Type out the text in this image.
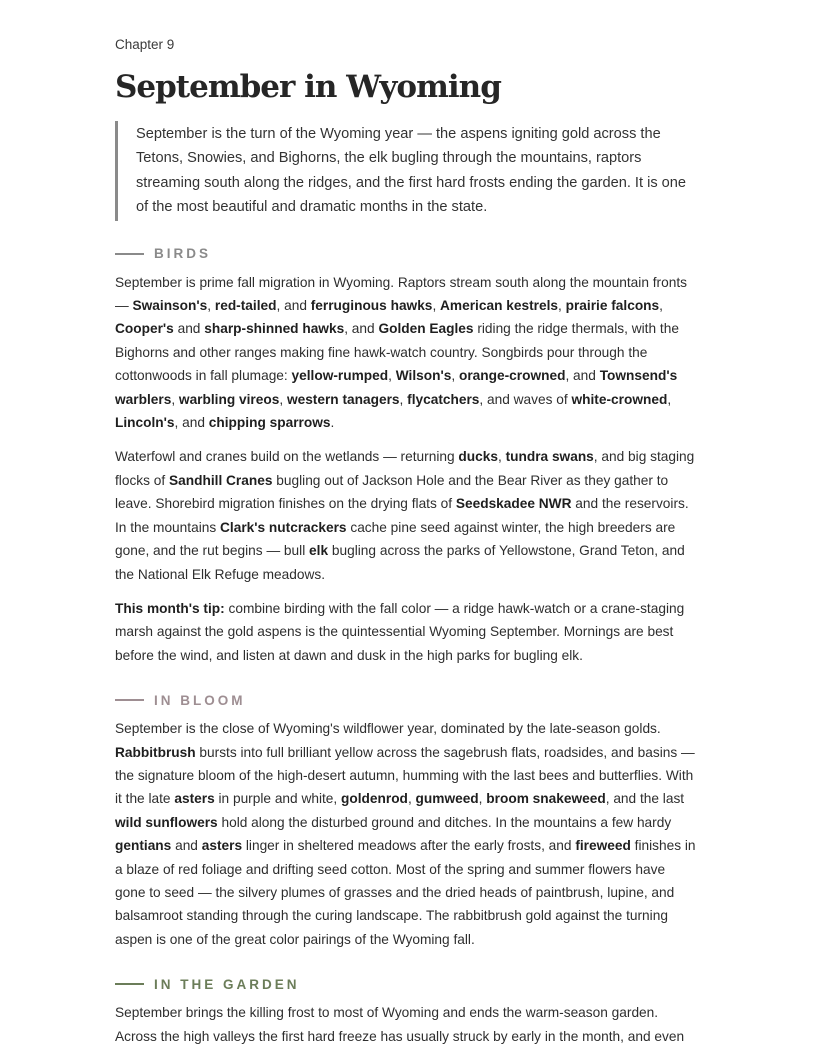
Chapter 9

September in Wyoming
September is the turn of the Wyoming year — the aspens igniting gold across the Tetons, Snowies, and Bighorns, the elk bugling through the mountains, raptors streaming south along the ridges, and the first hard frosts ending the garden. It is one of the most beautiful and dramatic months in the state.
BIRDS

September is prime fall migration in Wyoming. Raptors stream south along the mountain fronts — Swainson's, red-tailed, and ferruginous hawks, American kestrels, prairie falcons, Cooper's and sharp-shinned hawks, and Golden Eagles riding the ridge thermals, with the Bighorns and other ranges making fine hawk-watch country. Songbirds pour through the cottonwoods in fall plumage: yellow-rumped, Wilson's, orange-crowned, and Townsend's warblers, warbling vireos, western tanagers, flycatchers, and waves of white-crowned, Lincoln's, and chipping sparrows.

Waterfowl and cranes build on the wetlands — returning ducks, tundra swans, and big staging flocks of Sandhill Cranes bugling out of Jackson Hole and the Bear River as they gather to leave. Shorebird migration finishes on the drying flats of Seedskadee NWR and the reservoirs. In the mountains Clark's nutcrackers cache pine seed against winter, the high breeders are gone, and the rut begins — bull elk bugling across the parks of Yellowstone, Grand Teton, and the National Elk Refuge meadows.

This month's tip: combine birding with the fall color — a ridge hawk-watch or a crane-staging marsh against the gold aspens is the quintessential Wyoming September. Mornings are best before the wind, and listen at dawn and dusk in the high parks for bugling elk.

IN BLOOM

September is the close of Wyoming's wildflower year, dominated by the late-season golds. Rabbitbrush bursts into full brilliant yellow across the sagebrush flats, roadsides, and basins — the signature bloom of the high-desert autumn, humming with the last bees and butterflies. With it the late asters in purple and white, goldenrod, gumweed, broom snakeweed, and the last wild sunflowers hold along the disturbed ground and ditches. In the mountains a few hardy gentians and asters linger in sheltered meadows after the early frosts, and fireweed finishes in a blaze of red foliage and drifting seed cotton. Most of the spring and summer flowers have gone to seed — the silvery plumes of grasses and the dried heads of paintbrush, lupine, and balsamroot standing through the curing landscape. The rabbitbrush gold against the turning aspen is one of the great color pairings of the Wyoming fall.

IN THE GARDEN

September brings the killing frost to most of Wyoming and ends the warm-season garden. Across the high valleys the first hard freeze has usually struck by early in the month, and even
